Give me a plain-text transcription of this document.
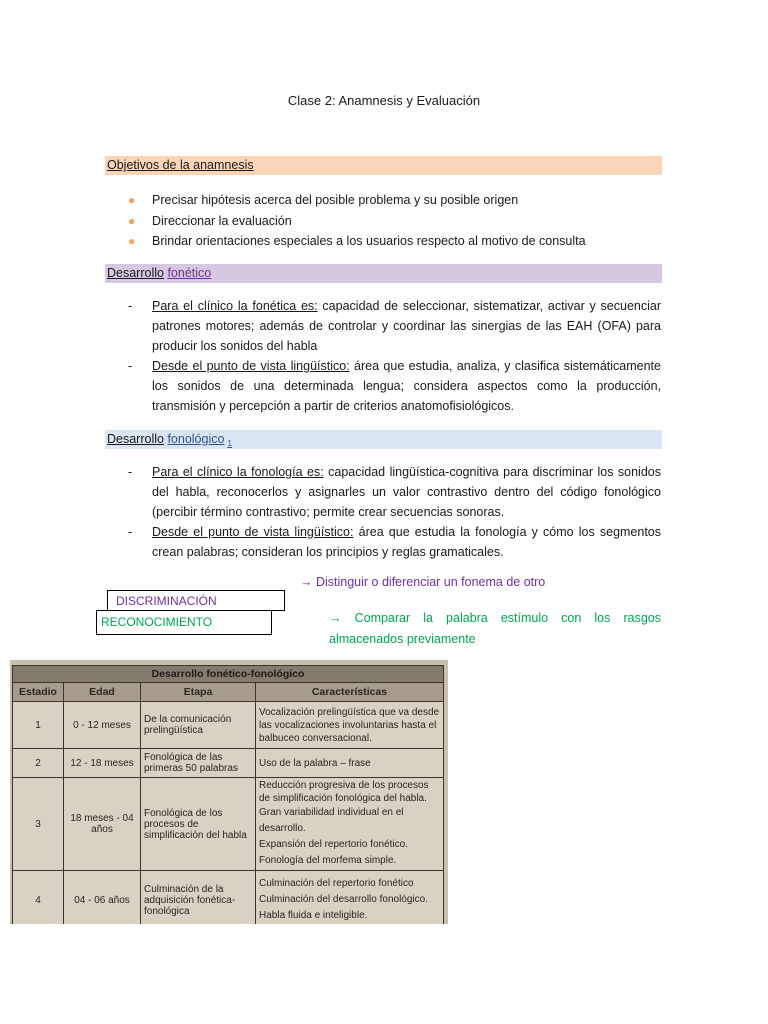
Clase 2: Anamnesis y Evaluación
Objetivos de la anamnesis
● Precisar hipótesis acerca del posible problema y su posible origen
● Direccionar la evaluación
● Brindar orientaciones especiales a los usuarios respecto al motivo de consulta
Desarrollo fonético
- Para el clínico la fonética es: capacidad de seleccionar, sistematizar, activar y secuenciar patrones motores; además de controlar y coordinar las sinergias de las EAH (OFA) para producir los sonidos del habla
- Desde el punto de vista lingüístico: área que estudia, analiza, y clasifica sistemáticamente los sonidos de una determinada lengua; considera aspectos como la producción, transmisión y percepción a partir de criterios anatomofisiológicos.
Desarrollo fonológico $_1$
- Para el clínico la fonología es: capacidad lingüística-cognitiva para discriminar los sonidos del habla, reconocerlos y asignarles un valor contrastivo dentro del código fonológico (percibir término contrastivo; permite crear secuencias sonoras.
- Desde el punto de vista lingüístico: área que estudia la fonología y cómo los segmentos crean palabras; consideran los principios y reglas gramaticales.
→ Distinguir o diferenciar un fonema de otro
DISCRIMINACIÓN
RECONOCIMIENTO	→ Comparar la palabra estímulo con los rasgos almacenados previamente
Desarrollo fonético-fonológico			
Estadio	Edad	Etapa	Características
1	0 - 12 meses	De la comunicación prelingüística	Vocalización prelingüística que va desde las vocalizaciones involuntarias hasta el balbuceo conversacional.

2	12 - 18 meses	Fonológica de las primeras 50 palabras	Uso de la palabra – frase

3	18 meses - 04 años	Fonológica de los procesos de simplificación del habla	Reducción progresiva de los procesos de simplificación fonológica del habla.
Gran variabilidad individual en el desarrollo.
Expansión del repertorio fonético.
Fonología del morfema simple.

4	04 - 06 años	Culminación de la adquisición fonética-fonológica	Culminación del repertorio fonético
Culminación del desarrollo fonológico.
Habla fluida e inteligible.
